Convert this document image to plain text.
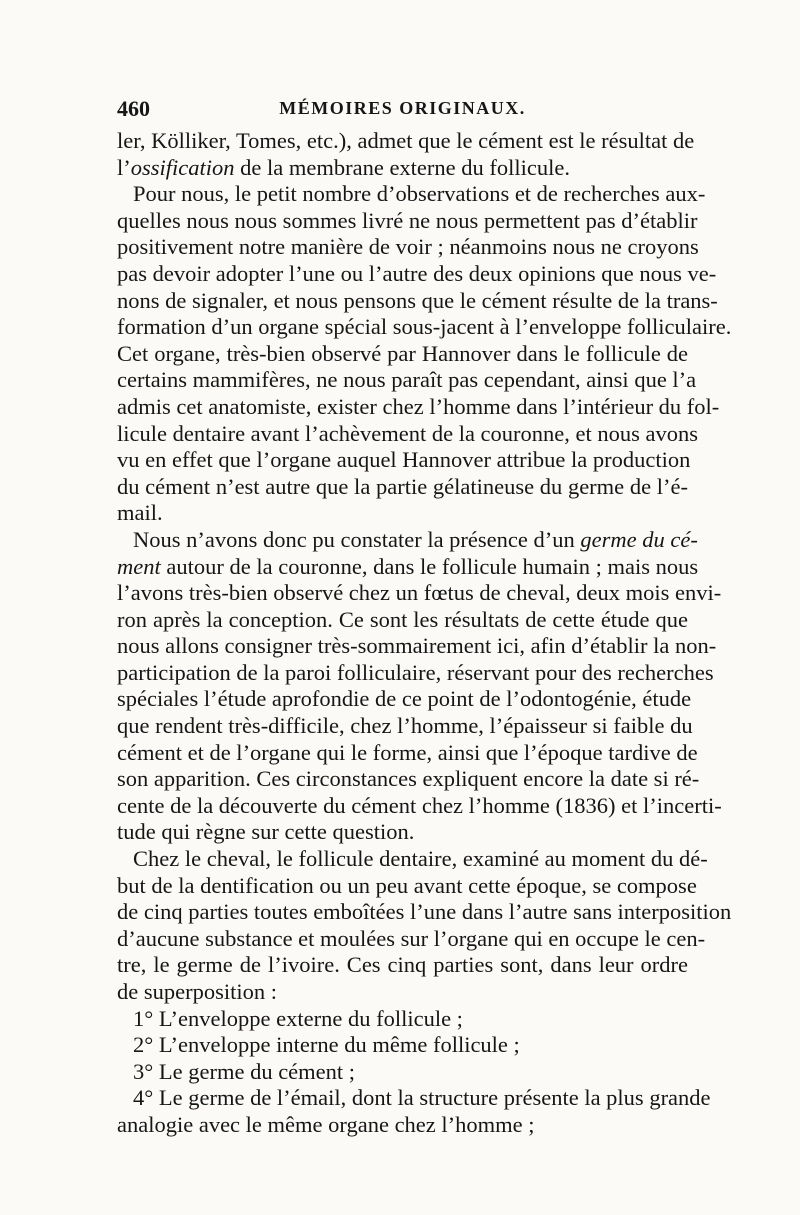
460	MÉMOIRES ORIGINAUX.
ler, Kölliker, Tomes, etc.), admet que le cément est le résultat de
l’ossification de la membrane externe du follicule.
Pour nous, le petit nombre d’observations et de recherches aux-
quelles nous nous sommes livré ne nous permettent pas d’établir
positivement notre manière de voir ; néanmoins nous ne croyons
pas devoir adopter l’une ou l’autre des deux opinions que nous ve-
nons de signaler, et nous pensons que le cément résulte de la trans-
formation d’un organe spécial sous-jacent à l’enveloppe folliculaire.
Cet organe, très-bien observé par Hannover dans le follicule de
certains mammifères, ne nous paraît pas cependant, ainsi que l’a
admis cet anatomiste, exister chez l’homme dans l’intérieur du fol-
licule dentaire avant l’achèvement de la couronne, et nous avons
vu en effet que l’organe auquel Hannover attribue la production
du cément n’est autre que la partie gélatineuse du germe de l’é-
mail.
Nous n’avons donc pu constater la présence d’un germe du cé-
ment autour de la couronne, dans le follicule humain ; mais nous
l’avons très-bien observé chez un fœtus de cheval, deux mois envi-
ron après la conception. Ce sont les résultats de cette étude que
nous allons consigner très-sommairement ici, afin d’établir la non-
participation de la paroi folliculaire, réservant pour des recherches
spéciales l’étude aprofondie de ce point de l’odontogénie, étude
que rendent très-difficile, chez l’homme, l’épaisseur si faible du
cément et de l’organe qui le forme, ainsi que l’époque tardive de
son apparition. Ces circonstances expliquent encore la date si ré-
cente de la découverte du cément chez l’homme (1836) et l’incerti-
tude qui règne sur cette question.
Chez le cheval, le follicule dentaire, examiné au moment du dé-
but de la dentification ou un peu avant cette époque, se compose
de cinq parties toutes emboîtées l’une dans l’autre sans interposition
d’aucune substance et moulées sur l’organe qui en occupe le cen-
tre, le germe de l’ivoire. Ces cinq parties sont, dans leur ordre
de superposition :
1° L’enveloppe externe du follicule ;
2° L’enveloppe interne du même follicule ;
3° Le germe du cément ;
4° Le germe de l’émail, dont la structure présente la plus grande
analogie avec le même organe chez l’homme ;
